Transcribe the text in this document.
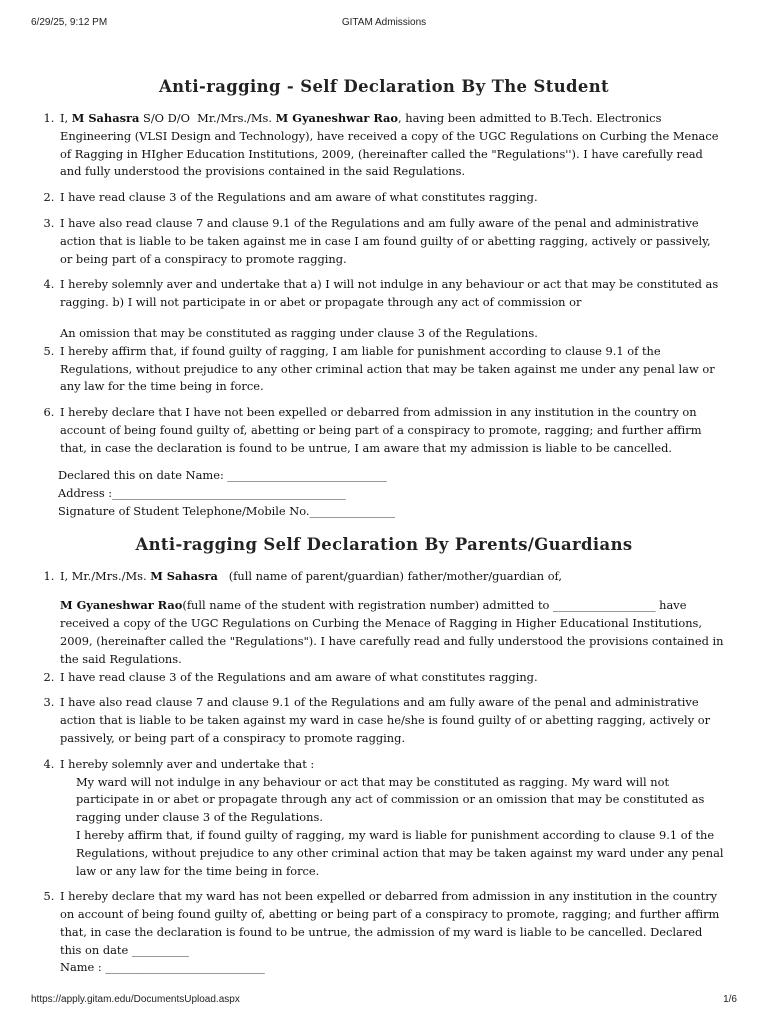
6/29/25, 9:12 PM	GITAM Admissions
Anti-ragging - Self Declaration By The Student
1. I, M Sahasra S/O D/O  Mr./Mrs./Ms. M Gyaneshwar Rao, having been admitted to B.Tech. Electronics Engineering (VLSI Design and Technology), have received a copy of the UGC Regulations on Curbing the Menace of Ragging in HIgher Education Institutions, 2009, (hereinafter called the "Regulations''). I have carefully read and fully understood the provisions contained in the said Regulations.
2. I have read clause 3 of the Regulations and am aware of what constitutes ragging.
3. I have also read clause 7 and clause 9.1 of the Regulations and am fully aware of the penal and administrative action that is liable to be taken against me in case I am found guilty of or abetting ragging, actively or passively, or being part of a conspiracy to promote ragging.
4. I hereby solemnly aver and undertake that a) I will not indulge in any behaviour or act that may be constituted as ragging. b) I will not participate in or abet or propagate through any act of commission or
An omission that may be constituted as ragging under clause 3 of the Regulations.
5. I hereby affirm that, if found guilty of ragging, I am liable for punishment according to clause 9.1 of the Regulations, without prejudice to any other criminal action that may be taken against me under any penal law or any law for the time being in force.
6. I hereby declare that I have not been expelled or debarred from admission in any institution in the country on account of being found guilty of, abetting or being part of a conspiracy to promote, ragging; and further affirm that, in case the declaration is found to be untrue, I am aware that my admission is liable to be cancelled.
Declared this on date Name: ____________________________
Address :_________________________________________
Signature of Student Telephone/Mobile No._______________
Anti-ragging Self Declaration By Parents/Guardians
1. I, Mr./Mrs./Ms. M Sahasra   (full name of parent/guardian) father/mother/guardian of,
M Gyaneshwar Rao(full name of the student with registration number) admitted to __________________ have received a copy of the UGC Regulations on Curbing the Menace of Ragging in Higher Educational Institutions, 2009, (hereinafter called the "Regulations"). I have carefully read and fully understood the provisions contained in the said Regulations.
2. I have read clause 3 of the Regulations and am aware of what constitutes ragging.
3. I have also read clause 7 and clause 9.1 of the Regulations and am fully aware of the penal and administrative action that is liable to be taken against my ward in case he/she is found guilty of or abetting ragging, actively or passively, or being part of a conspiracy to promote ragging.
4. I hereby solemnly aver and undertake that :
My ward will not indulge in any behaviour or act that may be constituted as ragging. My ward will not participate in or abet or propagate through any act of commission or an omission that may be constituted as ragging under clause 3 of the Regulations.
I hereby affirm that, if found guilty of ragging, my ward is liable for punishment according to clause 9.1 of the Regulations, without prejudice to any other criminal action that may be taken against my ward under any penal law or any law for the time being in force.
5. I hereby declare that my ward has not been expelled or debarred from admission in any institution in the country on account of being found guilty of, abetting or being part of a conspiracy to promote, ragging; and further affirm that, in case the declaration is found to be untrue, the admission of my ward is liable to be cancelled. Declared this on date __________
Name : ____________________________
https://apply.gitam.edu/DocumentsUpload.aspx	1/6
